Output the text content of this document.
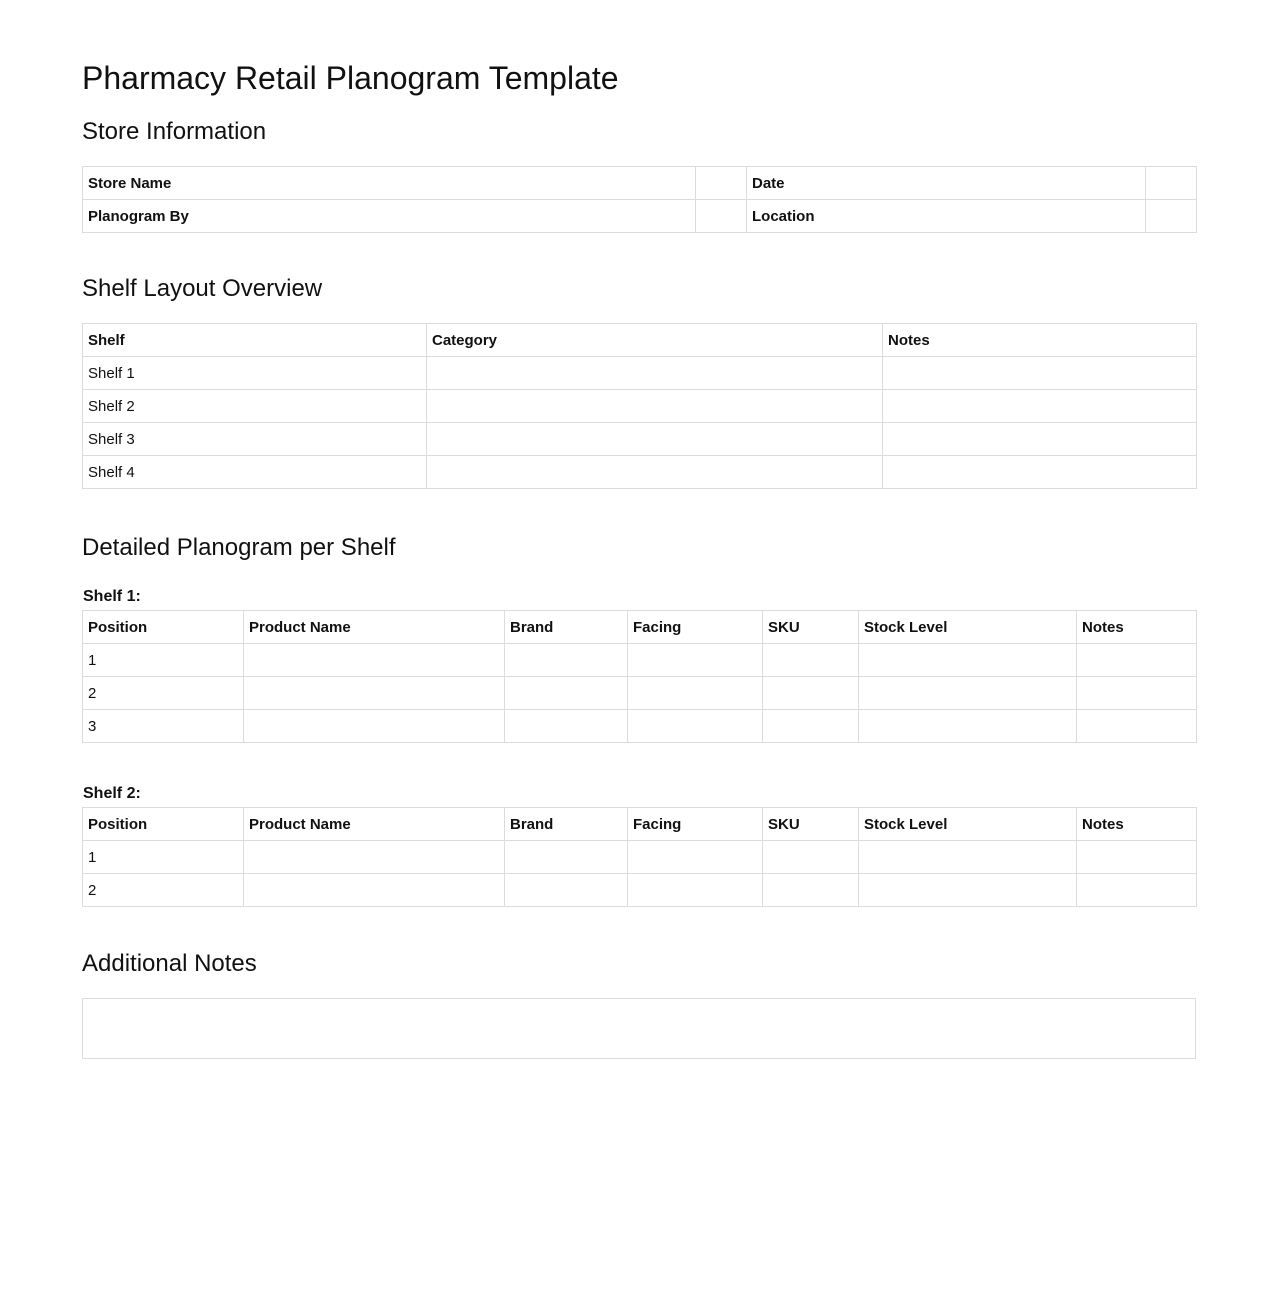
Pharmacy Retail Planogram Template
Store Information
Store Name		Date	
Planogram By		Location	
Shelf Layout Overview
Shelf	Category	Notes
Shelf 1		
Shelf 2		
Shelf 3		
Shelf 4		
Detailed Planogram per Shelf
Shelf 1:
Position	Product Name	Brand	Facing	SKU	Stock Level	Notes
1						
2						
3						
Shelf 2:
Position	Product Name	Brand	Facing	SKU	Stock Level	Notes
1						
2						
Additional Notes
